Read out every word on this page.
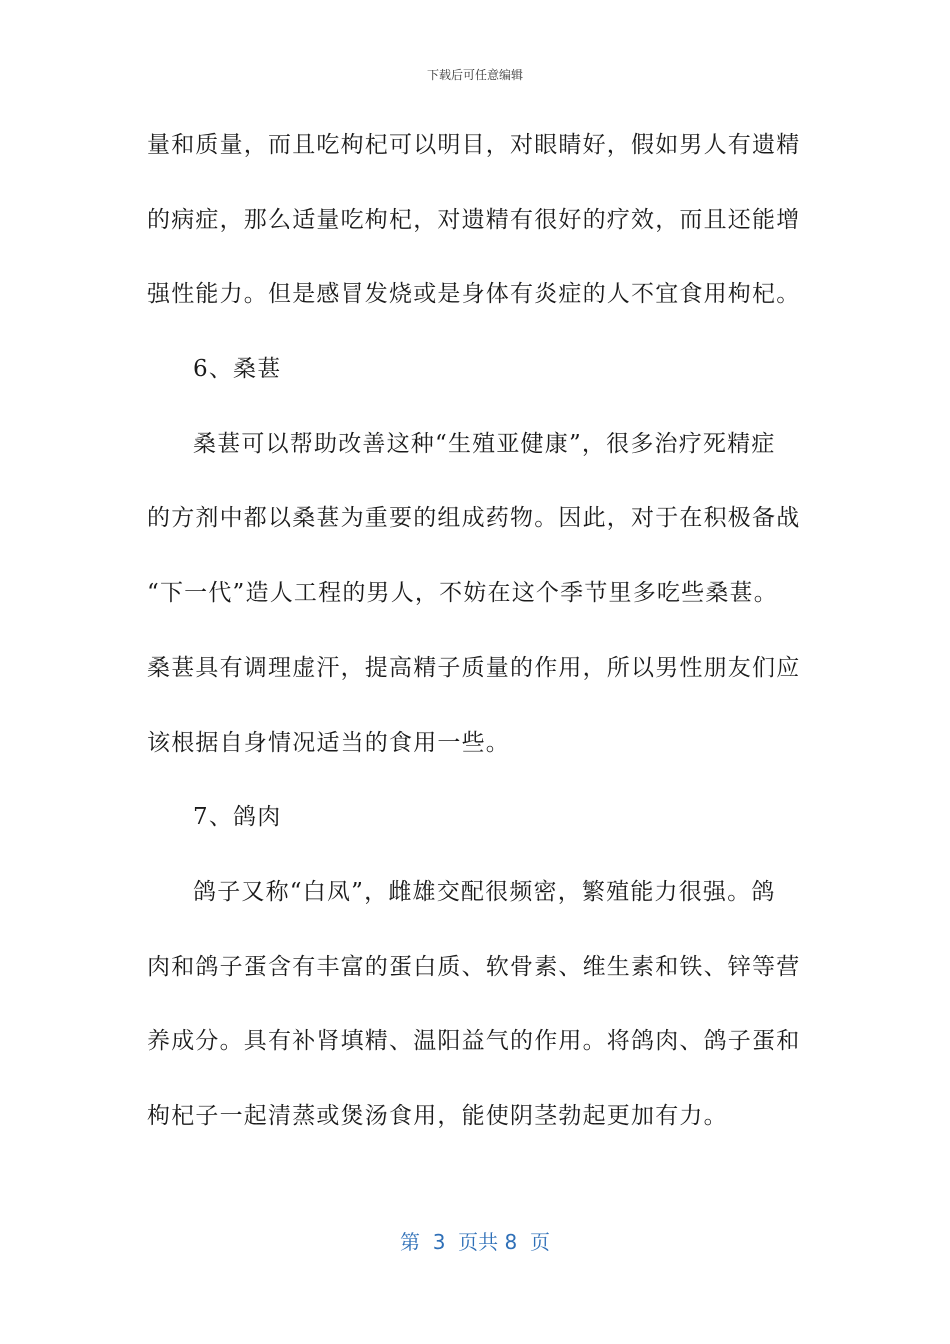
下载后可任意编辑
量和质量，而且吃枸杞可以明目，对眼睛好，假如男人有遗精
的病症，那么适量吃枸杞，对遗精有很好的疗效，而且还能增
强性能力。但是感冒发烧或是身体有炎症的人不宜食用枸杞。
6、桑葚
桑葚可以帮助改善这种“生殖亚健康”，很多治疗死精症
的方剂中都以桑葚为重要的组成药物。因此，对于在积极备战
“下一代”造人工程的男人，不妨在这个季节里多吃些桑葚。
桑葚具有调理虚汗，提高精子质量的作用，所以男性朋友们应
该根据自身情况适当的食用一些。
7、鸽肉
鸽子又称“白凤”，雌雄交配很频密，繁殖能力很强。鸽
肉和鸽子蛋含有丰富的蛋白质、软骨素、维生素和铁、锌等营
养成分。具有补肾填精、温阳益气的作用。将鸽肉、鸽子蛋和
枸杞子一起清蒸或煲汤食用，能使阴茎勃起更加有力。
第  3  页共 8  页
